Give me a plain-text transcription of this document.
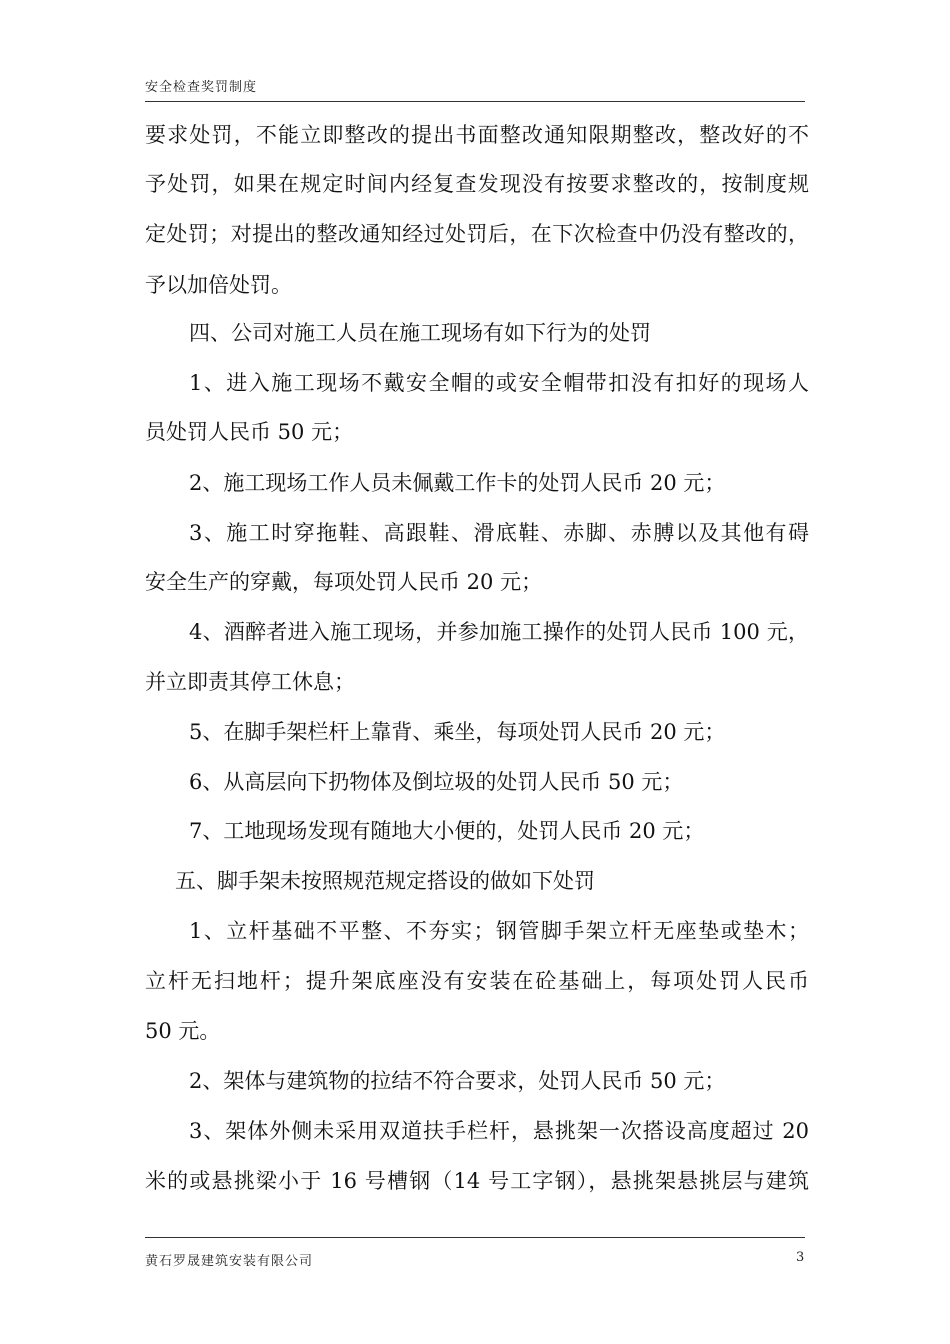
安全检查奖罚制度
要求处罚，不能立即整改的提出书面整改通知限期整改，整改好的不
予处罚，如果在规定时间内经复查发现没有按要求整改的，按制度规
定处罚；对提出的整改通知经过处罚后，在下次检查中仍没有整改的，
予以加倍处罚。
四、公司对施工人员在施工现场有如下行为的处罚
1、进入施工现场不戴安全帽的或安全帽带扣没有扣好的现场人
员处罚人民币 50 元；
2、施工现场工作人员未佩戴工作卡的处罚人民币 20 元；
3、施工时穿拖鞋、高跟鞋、滑底鞋、赤脚、赤膊以及其他有碍
安全生产的穿戴，每项处罚人民币 20 元；
4、酒醉者进入施工现场，并参加施工操作的处罚人民币 100 元，
并立即责其停工休息；
5、在脚手架栏杆上靠背、乘坐，每项处罚人民币 20 元；
6、从高层向下扔物体及倒垃圾的处罚人民币 50 元；
7、工地现场发现有随地大小便的，处罚人民币 20 元；
五、脚手架未按照规范规定搭设的做如下处罚
1、立杆基础不平整、不夯实；钢管脚手架立杆无座垫或垫木；
立杆无扫地杆；提升架底座没有安装在砼基础上，每项处罚人民币
50 元。
2、架体与建筑物的拉结不符合要求，处罚人民币 50 元；
3、架体外侧未采用双道扶手栏杆，悬挑架一次搭设高度超过 20
米的或悬挑梁小于 16 号槽钢（14 号工字钢），悬挑架悬挑层与建筑
黄石罗晟建筑安装有限公司	3
